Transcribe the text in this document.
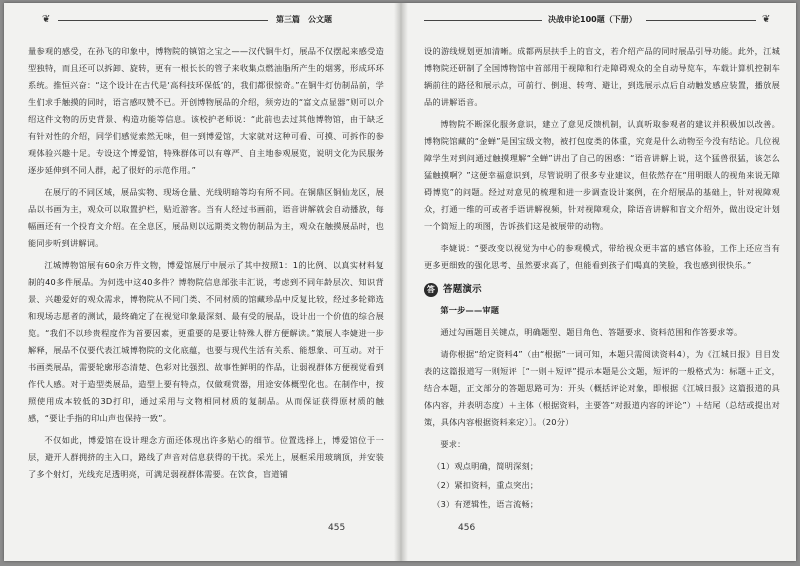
❦	第三篇　公文题

量参观的感受，在孙飞的印象中，博物院的镇馆之宝之——汉代铜牛灯，展品不仅摆起来感受造型独特，而且还可以拆卸、旋转，更有一根长长的管子来收集点燃油脂所产生的烟雾，形成环环系统。推恒兴奋：“这个设计在古代是‘高科技环保低’的，我们都很惊奇。”在铜牛灯仿制品前，学生们求手触摸的同时，语言感叹赞不已。开创博物展品的介绍，须旁边的“富文点显器”则可以介绍这件文物的历史背景、构造功能等信息。该校护老师说：“此前也去过其他博物馆，由于缺乏有针对性的介绍，同学们感觉索然无味，但一到博爱馆，大家就对这种可看、可摸、可拆作的参观体验兴趣十足。专设这个博爱馆，特殊群体可以有尊严、自主地参观展览，说明文化为民服务逐步延伸到不同人群，起了很好的示范作用。”

在展厅的不同区域，展品实物、现场仓量、光线明暗等均有所不同。在铜鼎区铜仙龙区，展品以书画为主，观众可以取置护栏，贴近游客。当有人经过书画前，语音讲解就会自动播放，每幅画还有一个投育文介绍。在全息区，展品则以远期类文物仿制品为主，观众在触摸展品时，也能同步听到讲解词。

江城博物馆展有60余万件文物，博爱馆展厅中展示了其中按照1：1的比例、以真实材料复制的40多件展品。为何选中这40多件？博物院信息部张丰汇说，考虑到不同年龄层次、知识背景、兴趣爱好的观众需求，博物院从不同门类、不同材质的馆藏珍品中反复比较，经过多轮筛选和现场志愿者的测试，最终确定了在视觉印象最深刻、最有受的展品，设计出一个价值的综合展览。“我们不以珍贵程度作为首要因素，更重要的是要让特殊人群方便解读。”策展人李婕进一步解释，展品不仅要代表江城博物院的文化底蕴，也要与现代生活有关系、能想象、可互动。对于书画类展品，需要轮廓形态清楚、色彩对比强烈、故事性鲜明的作品，让弱视群体方便视觉看到作代人感。对于造型类展品，造型上要有特点，仅做观赏器，用途安体概型化也。在制作中，按照使用成本较低的3D打印，通过采用与文物相同材质的复制品。从而保证获得原材质的触感，“要让手指的印山声也保持一致”。

不仅如此，博爱馆在设计理念方面还体现出许多贴心的细节。位置选择上，博爱馆位于一层，避开人群拥挤的主入口，路线了声音对信息获得的干扰。采光上，展框采用玻璃顶，并安装了多个射灯，光线充足透明亮，可满足弱视群体需要。在饮食，盲道铺

455
决战申论100题（下册）	❦

设的游线规划更加清晰。成都两层扶手上的盲文，若介绍产品的同时展品引导功能。此外，江城博物院还研制了全国博物馆中首部用于视障和行走障碍观众的全自动导览车，车载计算机控制车辆前往的路径和展示点，可前行、倒退、转弯、避让，到选展示点后自动触发感应装置，播放展品的讲解语音。

博物院不断深化服务意识，建立了意见反馈机制，认真听取参观者的建议并积极加以改善。博物院馆藏的“金蝉”是国宝级文物，被打包度类的体重，究竟是什么动物至今没有结论。几位视障学生对到问通过触摸理解“全蝉”讲出了自己的困惑：“语音讲解上说，这个猛兽很猛，该怎么猛触摸啊？”这便幸福意识到，尽管说明了很多专业建议，但依然存在“用明眼人的视角来说无障碍博览”的问题。经过对意见的梳理和进一步调查设计案例，在介绍展品的基础上，针对视障观众，打通一维的可或者手语讲解视频，针对视障观众，除语音讲解和盲文介绍外，做出设定计划一个简短上的项图，告诉孩们这是被展带的动物。

李婕说：“要改变以视觉为中心的参观模式，带给视众更丰富的感官体验，工作上还应当有更多更细致的强化思考、虽然要求高了，但能看到孩子们喝真的笑脸，我也感到很快乐。”

答 答题演示

第一步——审题

通过勾画题目关键点，明确题型、题目角色、答题要求、资料范围和作答要求等。

请你根据“给定资料4”（由“根据”一词可知，本题只需阅读资料4），为《江城日报》目目发表的这篇报道写一则短评［“一则＋短评”提示本题是公文题，短评的一般格式为：标题＋正文，结合本题，正文部分的答题思路可为：开头（概括评论对象，即根据《江城日报》这篇报道的具体内容，并表明态度）＋主体（根据资料，主要答“对报道内容的评论”）＋结尾（总结或提出对策，具体内容根据资料来定）］。（20分）

要求：

（1）观点明确，简明深刻；

（2）紧扣资料，重点突出；

（3）有逻辑性，语言流畅；

456
